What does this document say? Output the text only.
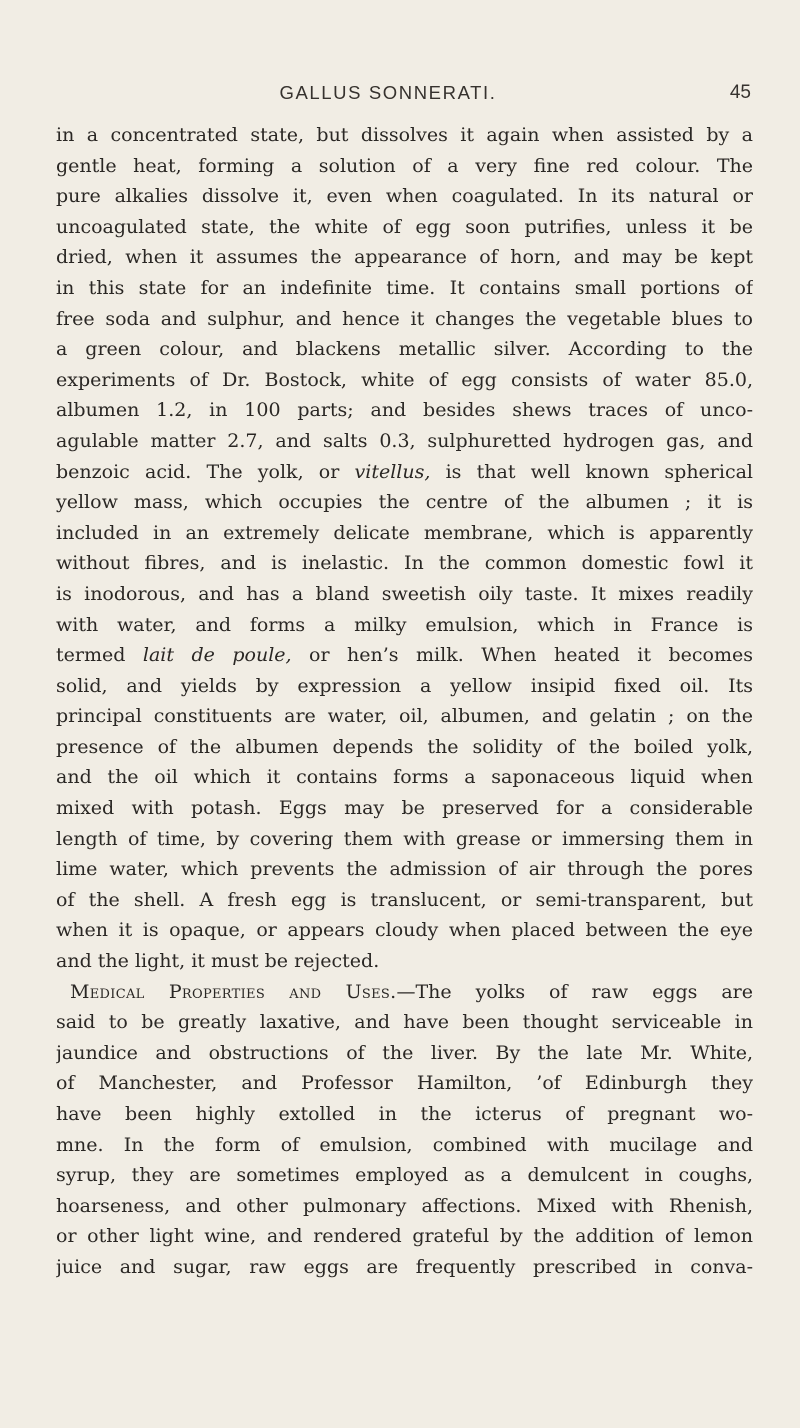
GALLUS SONNERATI.	45
in a concentrated state, but dissolves it again when assisted by a
gentle heat, forming a solution of a very fine red colour. The
pure alkalies dissolve it, even when coagulated. In its natural or
uncoagulated state, the white of egg soon putrifies, unless it be
dried, when it assumes the appearance of horn, and may be kept
in this state for an indefinite time. It contains small portions of
free soda and sulphur, and hence it changes the vegetable blues to
a green colour, and blackens metallic silver. According to the
experiments of Dr. Bostock, white of egg consists of water 85.0,
albumen 1.2, in 100 parts; and besides shews traces of unco-
agulable matter 2.7, and salts 0.3, sulphuretted hydrogen gas, and
benzoic acid. The yolk, or vitellus, is that well known spherical
yellow mass, which occupies the centre of the albumen ; it is
included in an extremely delicate membrane, which is apparently
without fibres, and is inelastic. In the common domestic fowl it
is inodorous, and has a bland sweetish oily taste. It mixes readily
with water, and forms a milky emulsion, which in France is
termed lait de poule, or hen’s milk. When heated it becomes
solid, and yields by expression a yellow insipid fixed oil. Its
principal constituents are water, oil, albumen, and gelatin ; on the
presence of the albumen depends the solidity of the boiled yolk,
and the oil which it contains forms a saponaceous liquid when
mixed with potash. Eggs may be preserved for a considerable
length of time, by covering them with grease or immersing them in
lime water, which prevents the admission of air through the pores
of the shell. A fresh egg is translucent, or semi-transparent, but
when it is opaque, or appears cloudy when placed between the eye
and the light, it must be rejected.
Medical Properties and Uses.—The yolks of raw eggs are
said to be greatly laxative, and have been thought serviceable in
jaundice and obstructions of the liver. By the late Mr. White,
of Manchester, and Professor Hamilton, ’of Edinburgh they
have been highly extolled in the icterus of pregnant wo-
mne. In the form of emulsion, combined with mucilage and
syrup, they are sometimes employed as a demulcent in coughs,
hoarseness, and other pulmonary affections. Mixed with Rhenish,
or other light wine, and rendered grateful by the addition of lemon
juice and sugar, raw eggs are frequently prescribed in conva-
